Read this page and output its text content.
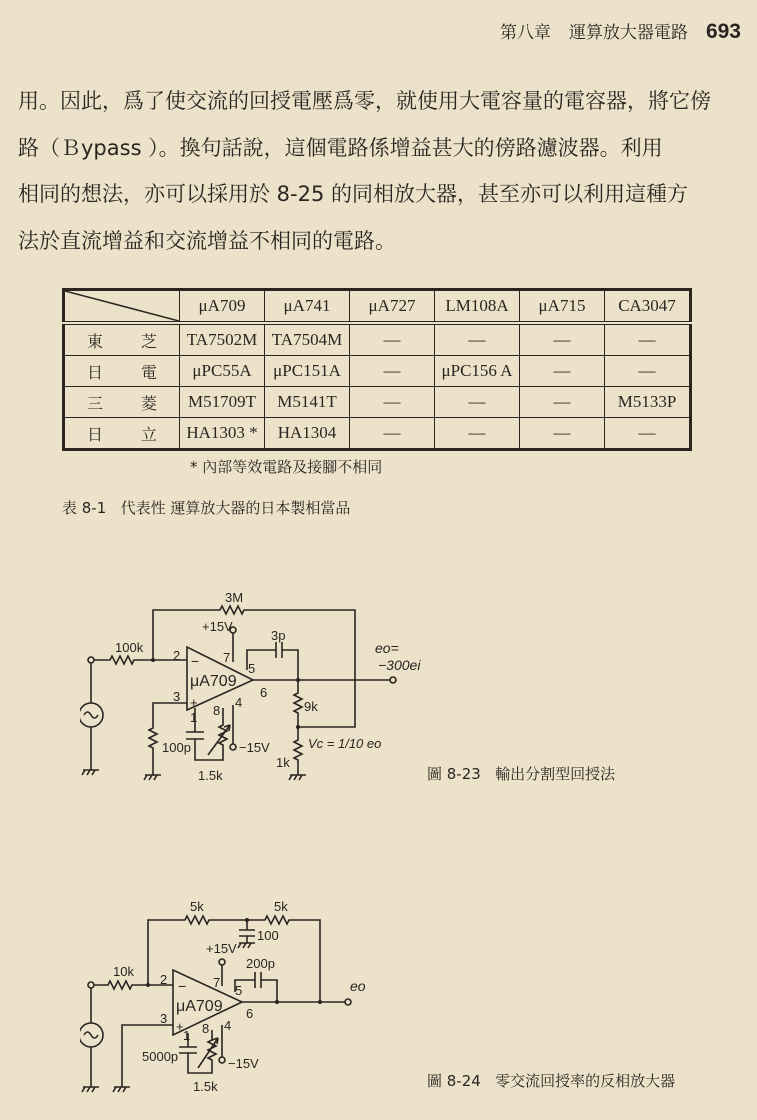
第八章 運算放大器電路 693
用。因此，爲了使交流的回授電壓爲零，就使用大電容量的電容器，將它傍
路（Ｂypass ）。換句話說，這個電路係增益甚大的傍路濾波器。利用
相同的想法，亦可以採用於 8-25 的同相放大器，甚至亦可以利用這種方
法於直流增益和交流增益不相同的電路。
	μA709	μA741	μA727	LM108A	μA715	CA3047
東芝	TA7502M	TA7504M	—	—	—	—
日電	μPC55A	μPC151A	—	μPC156 A	—	—
三菱	M51709T	M5141T	—	—	—	M5133P
日立	HA1303 *	HA1304	—	—	—	—
* 內部等效電路及接腳不相同
表 8-1   代表性 運算放大器的日本製相當品
100k
3M
+15V
3p
μA709
2 −
3 +
7
5
6
4
8
1
9k
1k
100p
1.5k
−15V
eo=
−300ei
Vc = 1/10 eo
圖 8-23   輸出分割型回授法
10k
5k	5k
100
+15V
200p
μA709
2 −
3
+
7
5
6
4
8
1
5000p
1.5k
−15V
eo
圖 8-24   零交流回授率的反相放大器
